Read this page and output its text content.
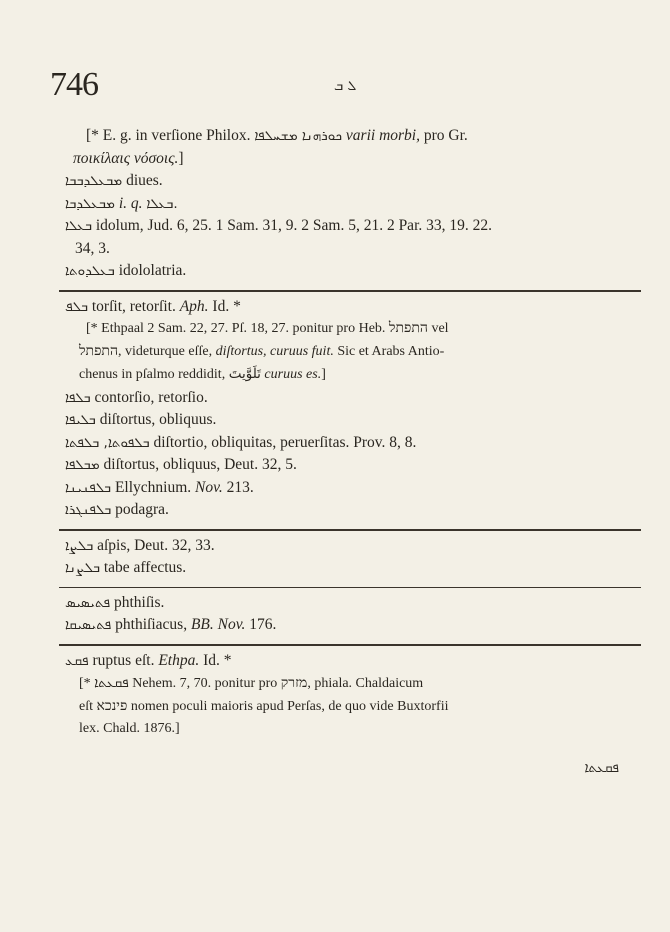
746	ܠ ܒ
[* E. g. in verſione Philox. ܟܘܪܗܢܐ ܡܫܚܠܦܐ varii morbi, pro Gr.
ποικίλαις νόσοις.]
ܡܒܥܠܕܒܒܐ diues.
ܡܒܥܠܕܒܐ i. q. ܒܥܠܐ.
ܒܥܠܐ idolum, Jud. 6, 25. 1 Sam. 31, 9. 2 Sam. 5, 21. 2 Par. 33, 19. 22.
34, 3.
ܒܥܠܕܘܬܐ idololatria.
ܒܠܦ torſit, retorſit. Aph. Id. *
[* Ethpaal 2 Sam. 22, 27. Pſ. 18, 27. ponitur pro Heb. התפתל vel
התפתל, videturque eſſe, diſtortus, curuus fuit. Sic et Arabs Antio-
chenus in pſalmo reddidit, تَلَوَّيتَ curuus es.]
ܒܠܦܐ contorſio, retorſio.
ܒܠܝܦܐ diſtortus, obliquus.
ܒܠܦܘܬܐ, ܒܠܦܬܐ diſtortio, obliquitas, peruerſitas. Prov. 8, 8.
ܡܒܠܦܐ diſtortus, obliquus, Deut. 32, 5.
ܒܠܦܢܝܢܐ Ellychnium. Nov. 213.
ܒܠܦܢܓܪܐ podagra.
ܒܠܨܐ aſpis, Deut. 32, 33.
ܒܠܨܢܐ tabe affectus.
ܦܬܝܣܝܣ phthiſis.
ܦܬܝܣܝܩܐ phthiſiacus, BB. Nov. 176.
ܦܩܥ ruptus eſt. Ethpa. Id. *
[* ܦܩܥܬܐ Nehem. 7, 70. ponitur pro מזרק, phiala. Chaldaicum
eſt פינכא nomen poculi maioris apud Perſas, de quo vide Buxtorfii
lex. Chald. 1876.]
ܦܩܥܬܐ
